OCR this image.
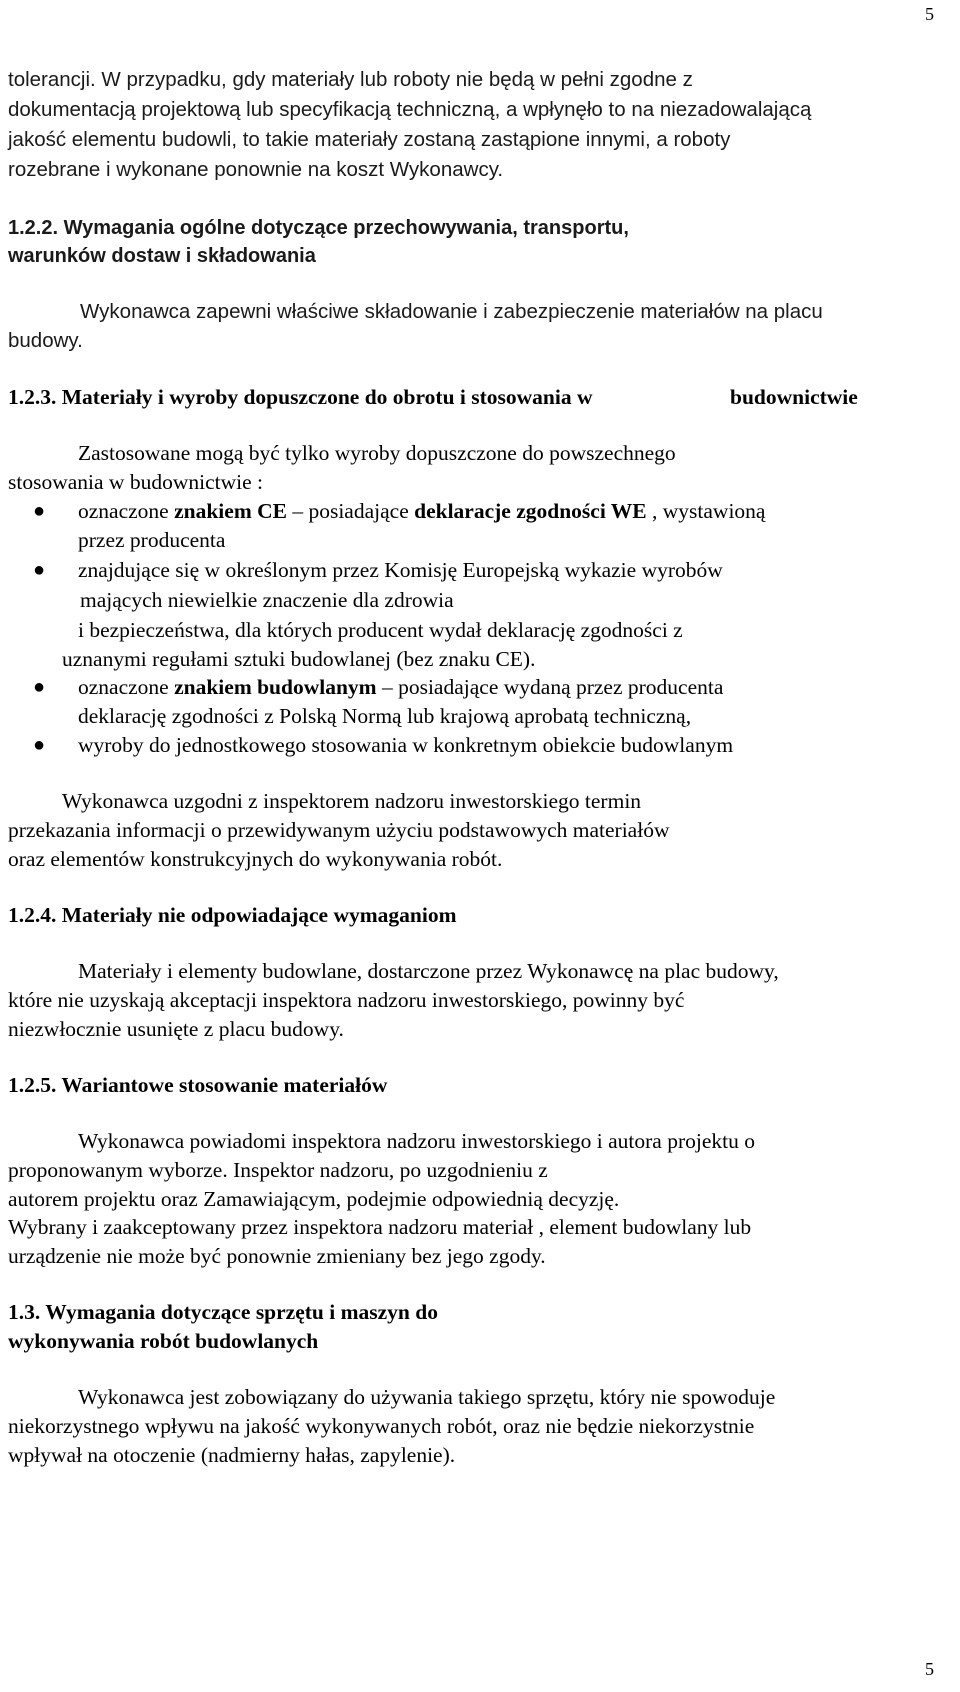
5
tolerancji. W przypadku, gdy materiały lub roboty nie będą w pełni zgodne z
dokumentacją projektową lub specyfikacją techniczną, a wpłynęło to na niezadowalającą
jakość elementu budowli, to takie materiały zostaną zastąpione innymi, a roboty
rozebrane i wykonane ponownie na koszt Wykonawcy.
1.2.2. Wymagania ogólne dotyczące przechowywania, transportu,
warunków dostaw i składowania
Wykonawca zapewni właściwe składowanie i zabezpieczenie materiałów na placu
budowy.
1.2.3. Materiały i wyroby dopuszczone do obrotu i stosowania w	budownictwie
Zastosowane mogą być tylko wyroby dopuszczone do powszechnego
stosowania w budownictwie :
● oznaczone znakiem CE – posiadające deklaracje zgodności WE , wystawioną
przez producenta
● znajdujące się w określonym przez Komisję Europejską wykazie wyrobów
mających niewielkie znaczenie dla zdrowia
i bezpieczeństwa, dla których producent wydał deklarację zgodności z
uznanymi regułami sztuki budowlanej (bez znaku CE).
● oznaczone znakiem budowlanym – posiadające wydaną przez producenta
deklarację zgodności z Polską Normą lub krajową aprobatą techniczną,
● wyroby do jednostkowego stosowania w konkretnym obiekcie budowlanym
Wykonawca uzgodni z inspektorem nadzoru inwestorskiego termin
przekazania informacji o przewidywanym użyciu podstawowych materiałów
oraz elementów konstrukcyjnych do wykonywania robót.
1.2.4. Materiały nie odpowiadające wymaganiom
Materiały i elementy budowlane, dostarczone przez Wykonawcę na plac budowy,
które nie uzyskają akceptacji inspektora nadzoru inwestorskiego, powinny być
niezwłocznie usunięte z placu budowy.
1.2.5. Wariantowe stosowanie materiałów
Wykonawca powiadomi inspektora nadzoru inwestorskiego i autora projektu o
proponowanym wyborze. Inspektor nadzoru, po uzgodnieniu z
autorem projektu oraz Zamawiającym, podejmie odpowiednią decyzję.
Wybrany i zaakceptowany przez inspektora nadzoru materiał , element budowlany lub
urządzenie nie może być ponownie zmieniany bez jego zgody.
1.3. Wymagania dotyczące sprzętu i maszyn do
wykonywania robót budowlanych
Wykonawca jest zobowiązany do używania takiego sprzętu, który nie spowoduje
niekorzystnego wpływu na jakość wykonywanych robót, oraz nie będzie niekorzystnie
wpływał na otoczenie (nadmierny hałas, zapylenie).
5
